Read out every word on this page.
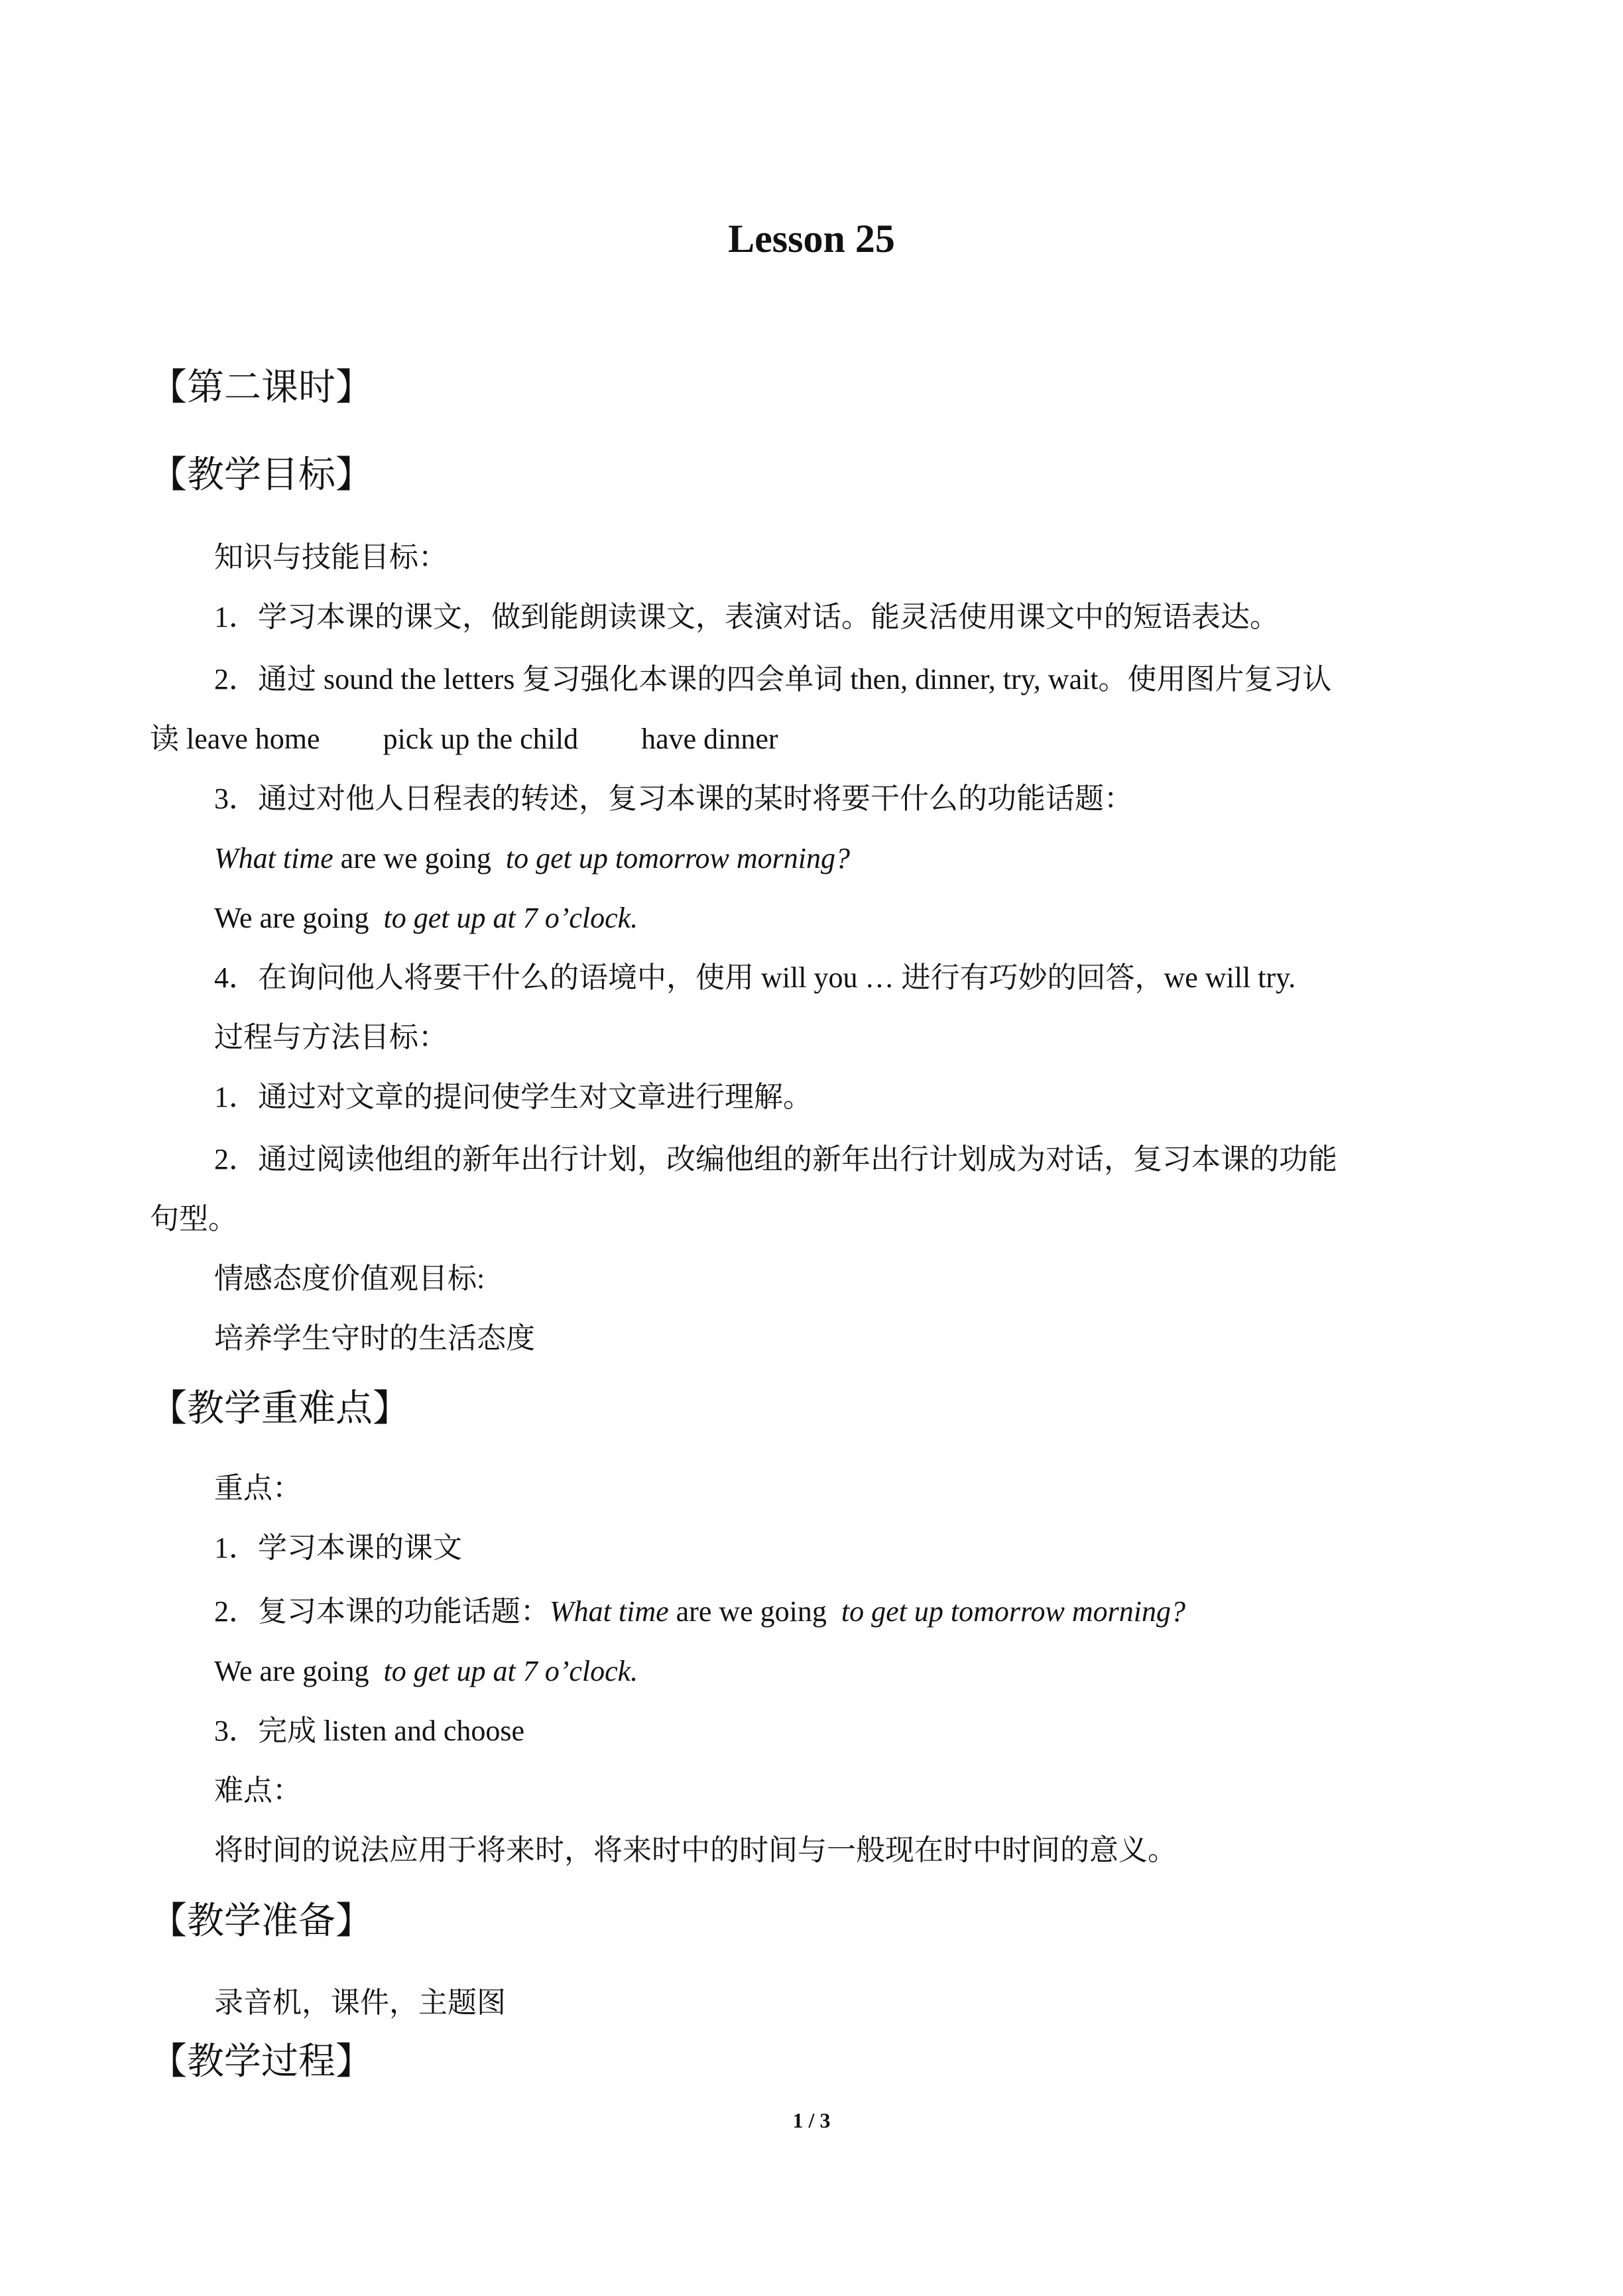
Lesson 25
【第二课时】
【教学目标】
知识与技能目标：
1．学习本课的课文，做到能朗读课文，表演对话。能灵活使用课文中的短语表达。
2．通过 sound the letters 复习强化本课的四会单词 then, dinner, try, wait。使用图片复习认
读 leave home pick up the child have dinner
3．通过对他人日程表的转述，复习本课的某时将要干什么的功能话题：
What time are we going  to get up tomorrow morning?
We are going  to get up at 7 o’clock.
4．在询问他人将要干什么的语境中，使用 will you … 进行有巧妙的回答，we will try.
过程与方法目标：
1．通过对文章的提问使学生对文章进行理解。
2．通过阅读他组的新年出行计划，改编他组的新年出行计划成为对话，复习本课的功能
句型。
情感态度价值观目标:
培养学生守时的生活态度
【教学重难点】
重点：
1．学习本课的课文
2．复习本课的功能话题：What time are we going  to get up tomorrow morning?
We are going  to get up at 7 o’clock.
3．完成 listen and choose
难点：
将时间的说法应用于将来时，将来时中的时间与一般现在时中时间的意义。
【教学准备】
录音机，课件，主题图
【教学过程】
1 / 3
